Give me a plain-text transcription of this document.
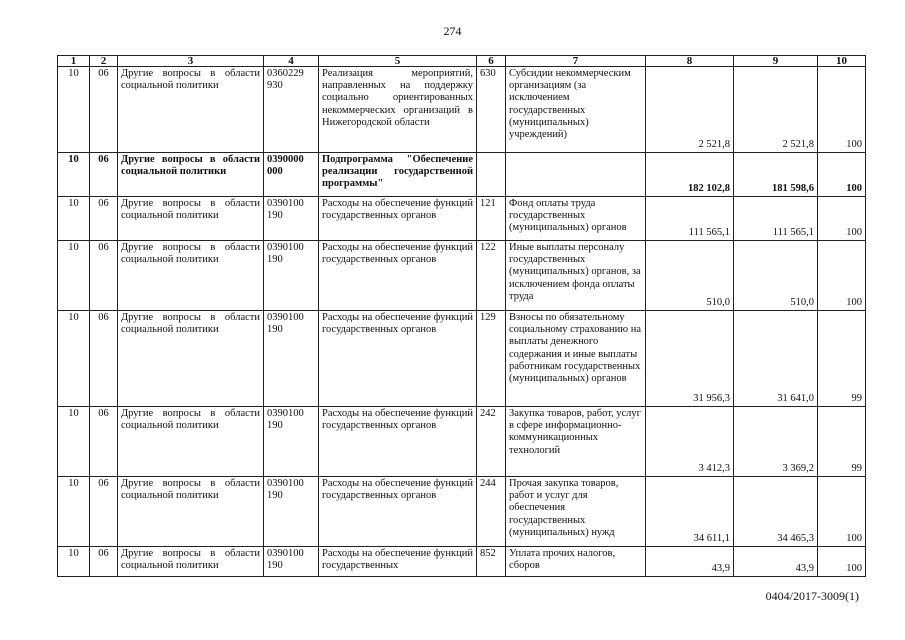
274
1	2	3	4	5	6	7	8	9	10
10	06	Другие вопросы в области социальной политики	0360229 930	Реализация мероприятий, направленных на поддержку социально ориентированных некоммерческих организаций в Нижегородской области	630	Субсидии некоммерческим организациям (за исключением государственных (муниципальных) учреждений)	2 521,8	2 521,8	100
10	06	Другие вопросы в области социальной политики	0390000 000	Подпрограмма "Обеспечение реализации государственной программы"			182 102,8	181 598,6	100
10	06	Другие вопросы в области социальной политики	0390100 190	Расходы на обеспечение функций государственных органов	121	Фонд оплаты труда государственных (муниципальных) органов	111 565,1	111 565,1	100
10	06	Другие вопросы в области социальной политики	0390100 190	Расходы на обеспечение функций государственных органов	122	Иные выплаты персоналу государственных (муниципальных) органов, за исключением фонда оплаты труда	510,0	510,0	100
10	06	Другие вопросы в области социальной политики	0390100 190	Расходы на обеспечение функций государственных органов	129	Взносы по обязательному социальному страхованию на выплаты денежного содержания и иные выплаты работникам государственных (муниципальных) органов	31 956,3	31 641,0	99
10	06	Другие вопросы в области социальной политики	0390100 190	Расходы на обеспечение функций государственных органов	242	Закупка товаров, работ, услуг в сфере информационно-коммуникационных технологий	3 412,3	3 369,2	99
10	06	Другие вопросы в области социальной политики	0390100 190	Расходы на обеспечение функций государственных органов	244	Прочая закупка товаров, работ и услуг для обеспечения государственных (муниципальных) нужд	34 611,1	34 465,3	100
10	06	Другие вопросы в области социальной политики	0390100 190	Расходы на обеспечение функций государственных	852	Уплата прочих налогов, сборов	43,9	43,9	100
0404/2017-3009(1)
